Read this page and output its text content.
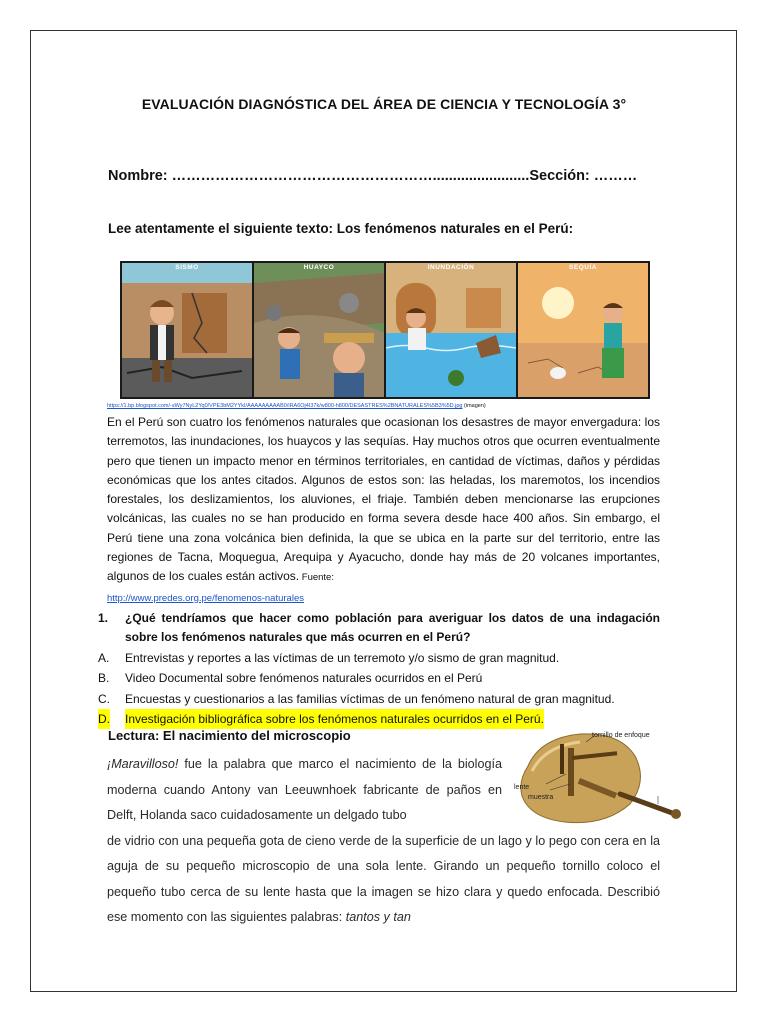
EVALUACIÓN DIAGNÓSTICA DEL ÁREA DE CIENCIA Y TECNOLOGÍA 3°
Nombre: ………………………………………………........................Sección: ………
Lee atentamente el siguiente texto: Los fenómenos naturales en el Perú:
SISMO	HUAYCO	INUNDACIÓN	SEQUÍA
https://1.bp.blogspot.com/-sWy7NyL2Yq0/VPE3bM2YYkI/AAAAAAAAAB0/iRA6Oj4I37k/w800-h800/DESASTRES%2BNATURALES%5B3%5D.jpg (imagen)
En el Perú son cuatro los fenómenos naturales que ocasionan los desastres de mayor envergadura: los terremotos, las inundaciones, los huaycos y las sequías. Hay muchos otros que ocurren eventualmente pero que tienen un impacto menor en términos territoriales, en cantidad de víctimas, daños y pérdidas económicas que los antes citados. Algunos de estos son: las heladas, los maremotos, los incendios forestales, los deslizamientos, los aluviones, el friaje. También deben mencionarse las erupciones volcánicas, las cuales no se han producido en forma severa desde hace 400 años. Sin embargo, el Perú tiene una zona volcánica bien definida, la que se ubica en la parte sur del territorio, entre las regiones de Tacna, Moquegua, Arequipa y Ayacucho, donde hay más de 20 volcanes importantes, algunos de los cuales están activos. Fuente:
http://www.predes.org.pe/fenomenos-naturales
1. ¿Qué tendríamos que hacer como población para averiguar los datos de una indagación sobre los fenómenos naturales que más ocurren en el Perú?
A. Entrevistas y reportes a las víctimas de un terremoto y/o sismo de gran magnitud.
B. Video Documental sobre fenómenos naturales ocurridos en el Perú
C. Encuestas y cuestionarios a las familias víctimas de un fenómeno natural de gran magnitud.
D. Investigación bibliográfica sobre los fenómenos naturales ocurridos en el Perú.
Lectura: El nacimiento del microscopio	tornillo de enfoque
lente
muestra
¡Maravilloso! fue la palabra que marco el nacimiento de la biología moderna cuando Antony van Leeuwnhoek fabricante de paños en Delft, Holanda saco cuidadosamente un delgado tubo
de vidrio con una pequeña gota de cieno verde de la superficie de un lago y lo pego con cera en la aguja de su pequeño microscopio de una sola lente. Girando un pequeño tornillo coloco el pequeño tubo cerca de su lente hasta que la imagen se hizo clara y quedo enfocada. Describió ese momento con las siguientes palabras: tantos y tan
